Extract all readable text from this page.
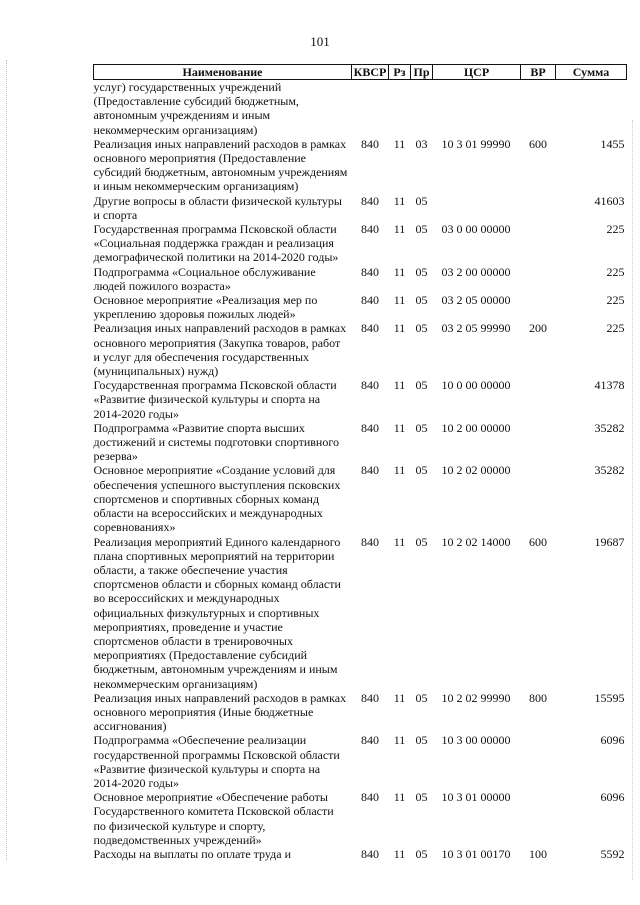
101
Наименование	КВСР	Рз	Пр	ЦСР	ВР	Сумма
услуг) государственных учреждений (Предоставление субсидий бюджетным, автономным учреждениям и иным некоммерческим организациям)						
Реализация иных направлений расходов в рамках основного мероприятия (Предоставление субсидий бюджетным, автономным учреждениям и иным некоммерческим организациям)	840	11	03	10 3 01 99990	600	1455
Другие вопросы в области физической культуры и спорта	840	11	05			41603
Государственная программа Псковской области «Социальная поддержка граждан и реализация демографической политики на 2014-2020 годы»	840	11	05	03 0 00 00000		225
Подпрограмма «Социальное обслуживание людей пожилого возраста»	840	11	05	03 2 00 00000		225
Основное мероприятие «Реализация мер по укреплению здоровья пожилых людей»	840	11	05	03 2 05 00000		225
Реализация иных направлений расходов в рамках основного мероприятия (Закупка товаров, работ и услуг для обеспечения государственных (муниципальных) нужд)	840	11	05	03 2 05 99990	200	225
Государственная программа Псковской области «Развитие физической культуры и спорта на 2014-2020 годы»	840	11	05	10 0 00 00000		41378
Подпрограмма «Развитие спорта высших достижений и системы подготовки спортивного резерва»	840	11	05	10 2 00 00000		35282
Основное мероприятие «Создание условий для обеспечения успешного выступления псковских спортсменов и спортивных сборных команд области на всероссийских и международных соревнованиях»	840	11	05	10 2 02 00000		35282
Реализация мероприятий Единого календарного плана спортивных мероприятий на территории области, а также обеспечение участия спортсменов области и сборных команд области во всероссийских и международных официальных физкультурных и спортивных мероприятиях, проведение и участие спортсменов области в тренировочных мероприятиях (Предоставление субсидий бюджетным, автономным учреждениям и иным некоммерческим организациям)	840	11	05	10 2 02 14000	600	19687
Реализация иных направлений расходов в рамках основного мероприятия (Иные бюджетные ассигнования)	840	11	05	10 2 02 99990	800	15595
Подпрограмма «Обеспечение реализации государственной программы Псковской области «Развитие физической культуры и спорта на 2014-2020 годы»	840	11	05	10 3 00 00000		6096
Основное мероприятие «Обеспечение работы Государственного комитета Псковской области по физической культуре и спорту, подведомственных учреждений»	840	11	05	10 3 01 00000		6096
Расходы на выплаты по оплате труда и	840	11	05	10 3 01 00170	100	5592
